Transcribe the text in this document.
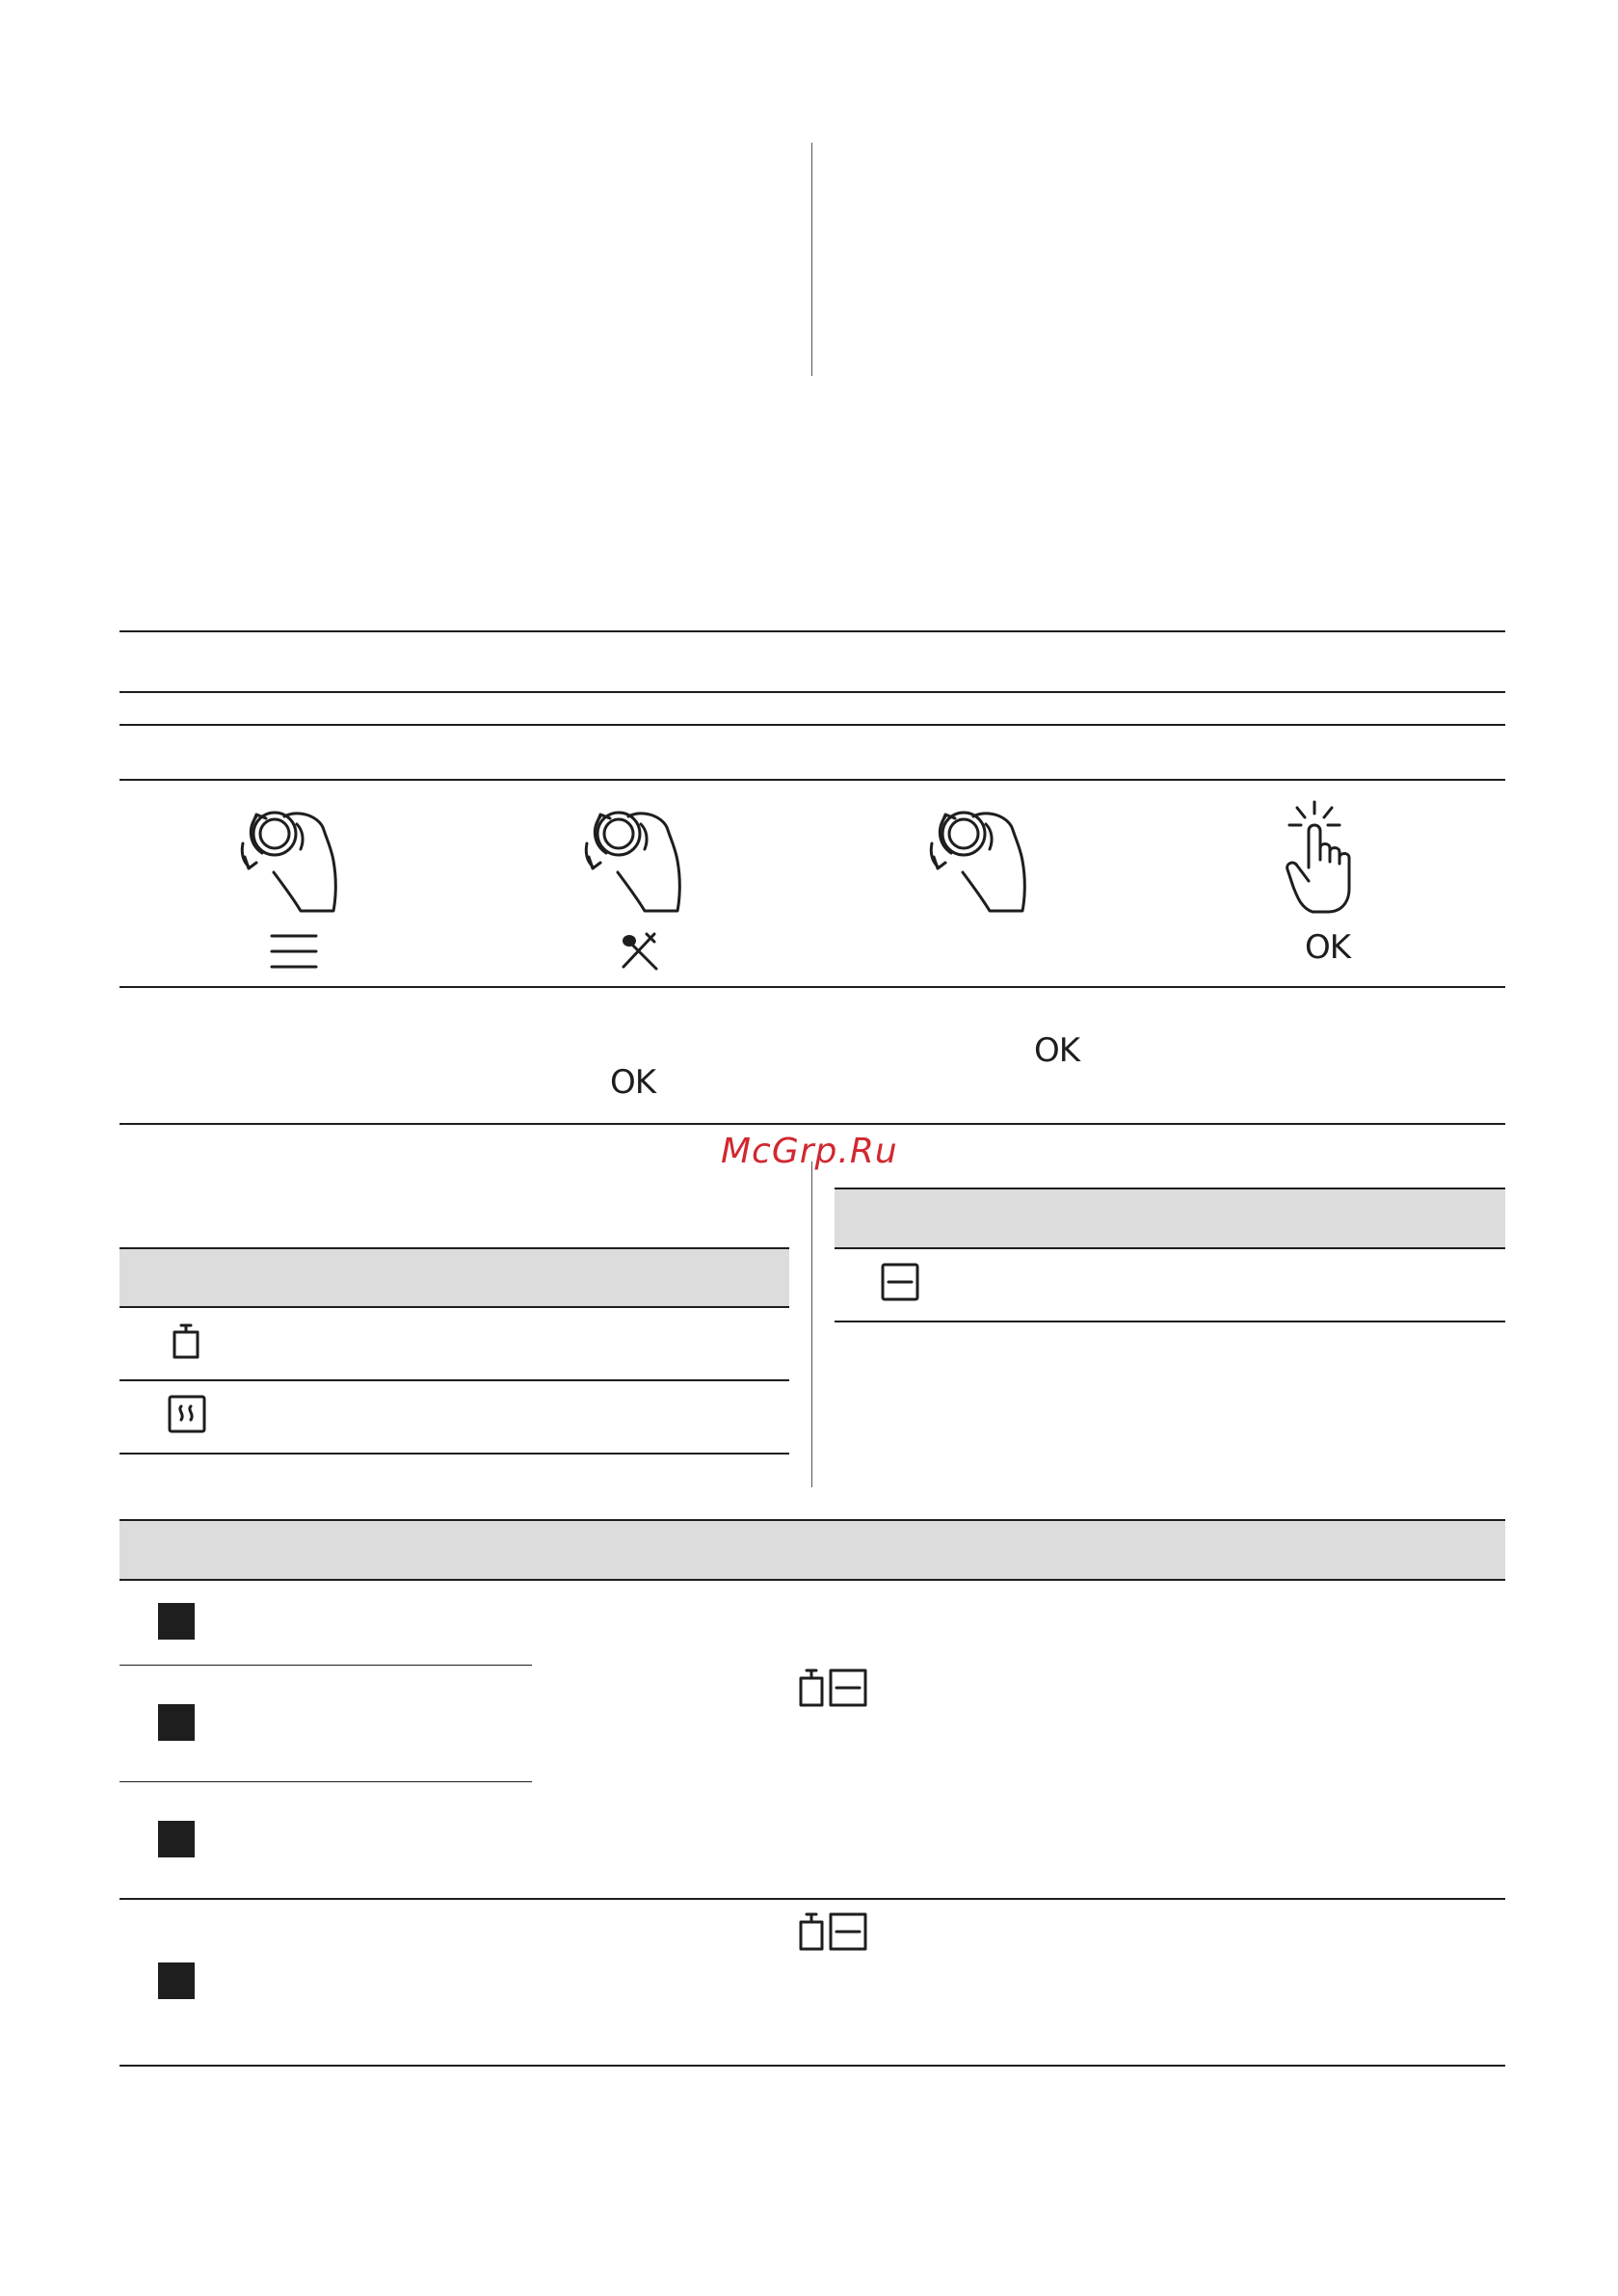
OK
OK
OK
McGrp.Ru
